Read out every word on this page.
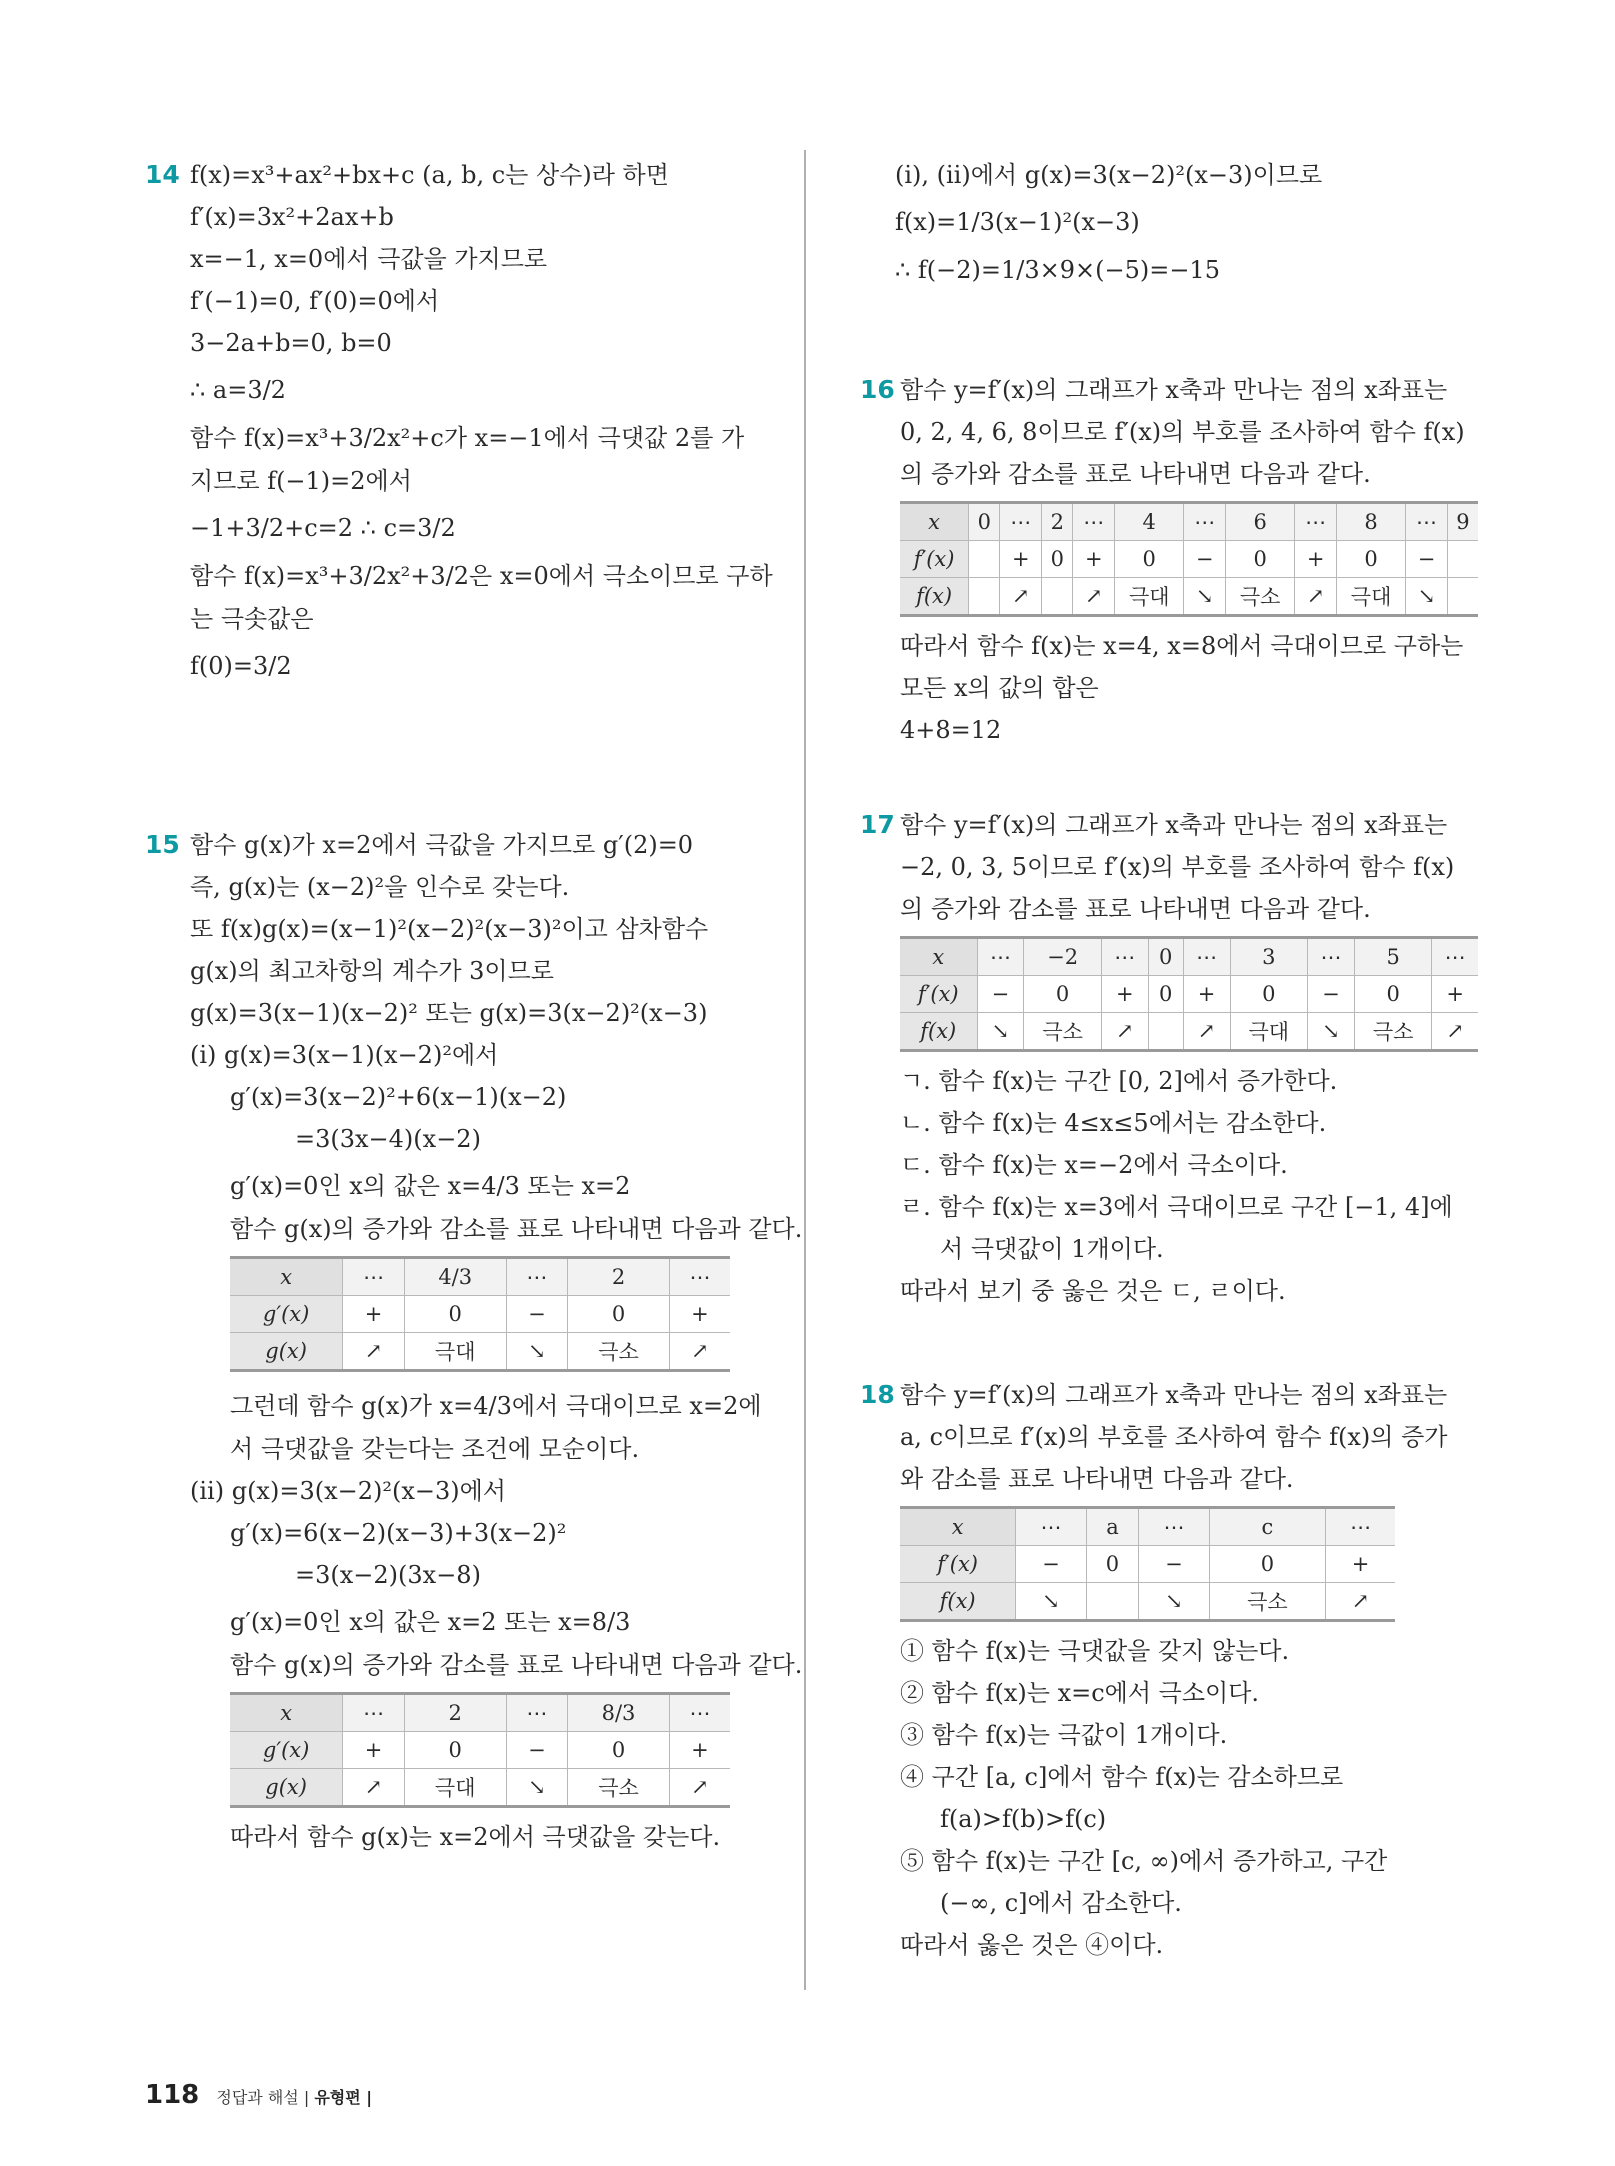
14 f(x)=x³+ax²+bx+c (a, b, c는 상수)라 하면
f′(x)=3x²+2ax+b
x=−1, x=0에서 극값을 가지므로
f′(−1)=0, f′(0)=0에서
3−2a+b=0, b=0
∴ a=3/2
함수 f(x)=x³+3/2x²+c가 x=−1에서 극댓값 2를 가
지므로 f(−1)=2에서
−1+3/2+c=2 ∴ c=3/2
함수 f(x)=x³+3/2x²+3/2은 x=0에서 극소이므로 구하
는 극솟값은
f(0)=3/2
15 함수 g(x)가 x=2에서 극값을 가지므로 g′(2)=0
즉, g(x)는 (x−2)²을 인수로 갖는다.
또 f(x)g(x)=(x−1)²(x−2)²(x−3)²이고 삼차함수
g(x)의 최고차항의 계수가 3이므로
g(x)=3(x−1)(x−2)² 또는 g(x)=3(x−2)²(x−3)
(ⅰ) g(x)=3(x−1)(x−2)²에서
g′(x)=3(x−2)²+6(x−1)(x−2)
=3(3x−4)(x−2)
g′(x)=0인 x의 값은 x=4/3 또는 x=2
함수 g(x)의 증가와 감소를 표로 나타내면 다음과 같다.
x	⋯	4/3	⋯	2	⋯
g′(x)	+	0	−	0	+
g(x)	↗	극대	↘	극소	↗
그런데 함수 g(x)가 x=4/3에서 극대이므로 x=2에
서 극댓값을 갖는다는 조건에 모순이다.
(ⅱ) g(x)=3(x−2)²(x−3)에서
g′(x)=6(x−2)(x−3)+3(x−2)²
=3(x−2)(3x−8)
g′(x)=0인 x의 값은 x=2 또는 x=8/3
함수 g(x)의 증가와 감소를 표로 나타내면 다음과 같다.
x	⋯	2	⋯	8/3	⋯
g′(x)	+	0	−	0	+
g(x)	↗	극대	↘	극소	↗
따라서 함수 g(x)는 x=2에서 극댓값을 갖는다.
(ⅰ), (ⅱ)에서 g(x)=3(x−2)²(x−3)이므로
f(x)=1/3(x−1)²(x−3)
∴ f(−2)=1/3×9×(−5)=−15
16 함수 y=f′(x)의 그래프가 x축과 만나는 점의 x좌표는
0, 2, 4, 6, 8이므로 f′(x)의 부호를 조사하여 함수 f(x)
의 증가와 감소를 표로 나타내면 다음과 같다.
x	0	⋯	2	⋯	4	⋯	6	⋯	8	⋯	9
f′(x)		+	0	+	0	−	0	+	0	−	
f(x)		↗		↗	극대	↘	극소	↗	극대	↘	
따라서 함수 f(x)는 x=4, x=8에서 극대이므로 구하는
모든 x의 값의 합은
4+8=12
17 함수 y=f′(x)의 그래프가 x축과 만나는 점의 x좌표는
−2, 0, 3, 5이므로 f′(x)의 부호를 조사하여 함수 f(x)
의 증가와 감소를 표로 나타내면 다음과 같다.
x	⋯	−2	⋯	0	⋯	3	⋯	5	⋯
f′(x)	−	0	+	0	+	0	−	0	+
f(x)	↘	극소	↗		↗	극대	↘	극소	↗
ㄱ. 함수 f(x)는 구간 [0, 2]에서 증가한다.
ㄴ. 함수 f(x)는 4≤x≤5에서는 감소한다.
ㄷ. 함수 f(x)는 x=−2에서 극소이다.
ㄹ. 함수 f(x)는 x=3에서 극대이므로 구간 [−1, 4]에
서 극댓값이 1개이다.
따라서 보기 중 옳은 것은 ㄷ, ㄹ이다.
18 함수 y=f′(x)의 그래프가 x축과 만나는 점의 x좌표는
a, c이므로 f′(x)의 부호를 조사하여 함수 f(x)의 증가
와 감소를 표로 나타내면 다음과 같다.
x	⋯	a	⋯	c	⋯
f′(x)	−	0	−	0	+
f(x)	↘		↘	극소	↗
① 함수 f(x)는 극댓값을 갖지 않는다.
② 함수 f(x)는 x=c에서 극소이다.
③ 함수 f(x)는 극값이 1개이다.
④ 구간 [a, c]에서 함수 f(x)는 감소하므로
f(a)>f(b)>f(c)
⑤ 함수 f(x)는 구간 [c, ∞)에서 증가하고, 구간
(−∞, c]에서 감소한다.
따라서 옳은 것은 ④이다.
118 정답과 해설 | 유형편 |
